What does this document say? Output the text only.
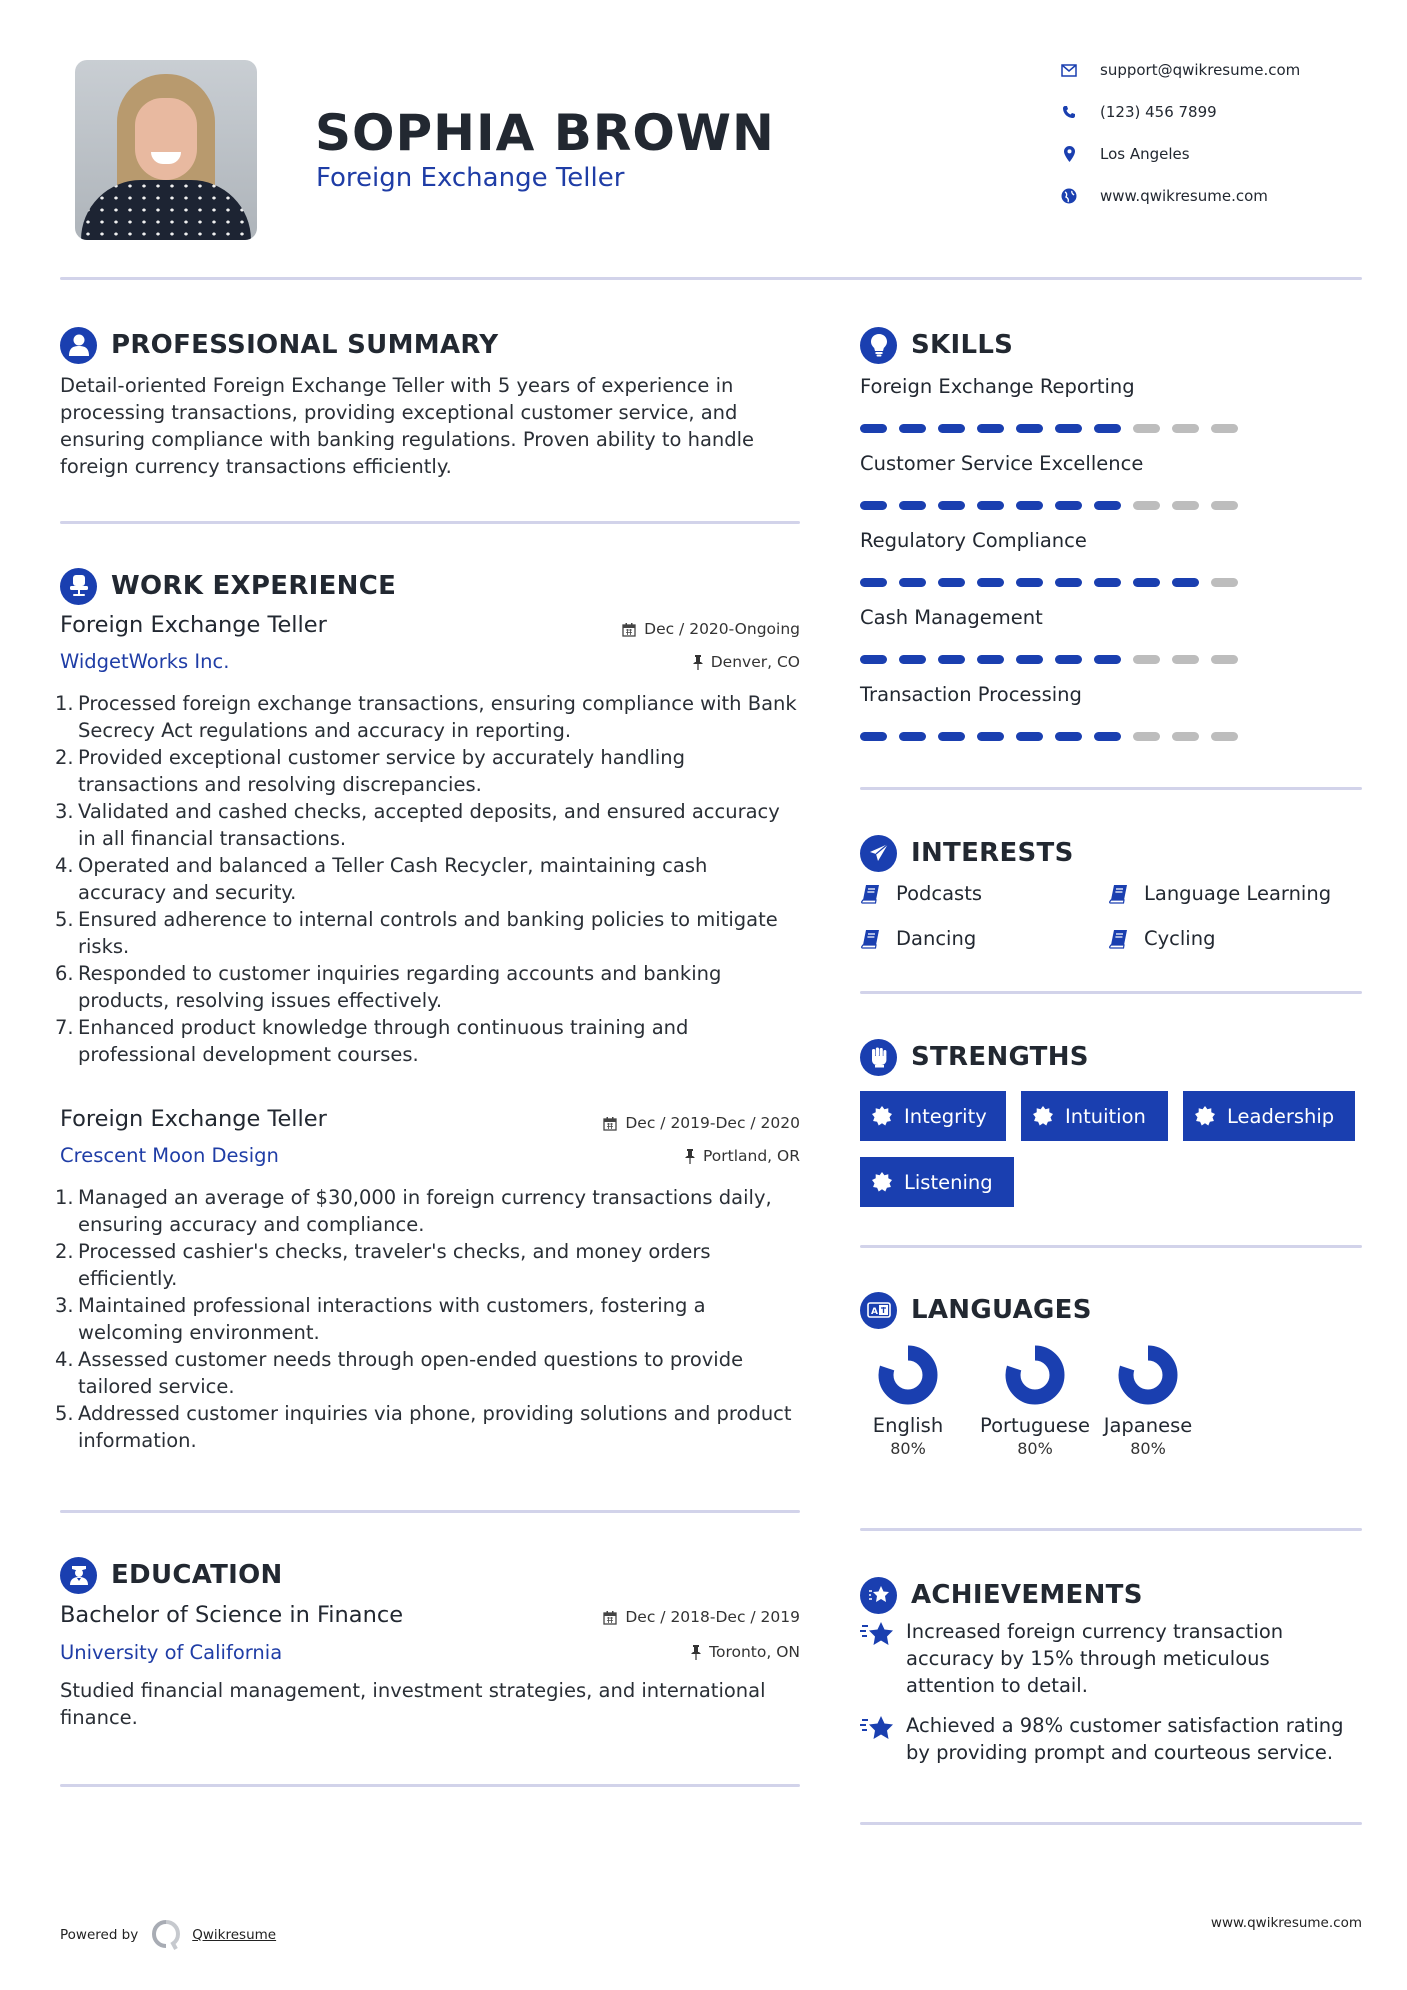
SOPHIA BROWN
Foreign Exchange Teller
support@qwikresume.com
(123) 456 7899
Los Angeles
www.qwikresume.com
PROFESSIONAL SUMMARY
Detail-oriented Foreign Exchange Teller with 5 years of experience in processing transactions, providing exceptional customer service, and ensuring compliance with banking regulations. Proven ability to handle foreign currency transactions efficiently.
WORK EXPERIENCE
Foreign Exchange Teller	Dec / 2020-Ongoing
WidgetWorks Inc.	Denver, CO
1. Processed foreign exchange transactions, ensuring compliance with Bank Secrecy Act regulations and accuracy in reporting.
2. Provided exceptional customer service by accurately handling transactions and resolving discrepancies.
3. Validated and cashed checks, accepted deposits, and ensured accuracy in all financial transactions.
4. Operated and balanced a Teller Cash Recycler, maintaining cash accuracy and security.
5. Ensured adherence to internal controls and banking policies to mitigate risks.
6. Responded to customer inquiries regarding accounts and banking products, resolving issues effectively.
7. Enhanced product knowledge through continuous training and professional development courses.
Foreign Exchange Teller	Dec / 2019-Dec / 2020
Crescent Moon Design	Portland, OR
1. Managed an average of $30,000 in foreign currency transactions daily, ensuring accuracy and compliance.
2. Processed cashier's checks, traveler's checks, and money orders efficiently.
3. Maintained professional interactions with customers, fostering a welcoming environment.
4. Assessed customer needs through open-ended questions to provide tailored service.
5. Addressed customer inquiries via phone, providing solutions and product information.
EDUCATION
Bachelor of Science in Finance	Dec / 2018-Dec / 2019
University of California	Toronto, ON
Studied financial management, investment strategies, and international finance.
SKILLS
Foreign Exchange Reporting
Customer Service Excellence
Regulatory Compliance
Cash Management
Transaction Processing
INTERESTS
Podcasts	Language Learning
Dancing	Cycling
STRENGTHS
Integrity	Intuition	Leadership
Listening
A LANGUAGES
English
80%
Portuguese
80%
Japanese
80%
ACHIEVEMENTS
Increased foreign currency transaction accuracy by 15% through meticulous attention to detail.
Achieved a 98% customer satisfaction rating by providing prompt and courteous service.
Powered by	Qwikresume
www.qwikresume.com
